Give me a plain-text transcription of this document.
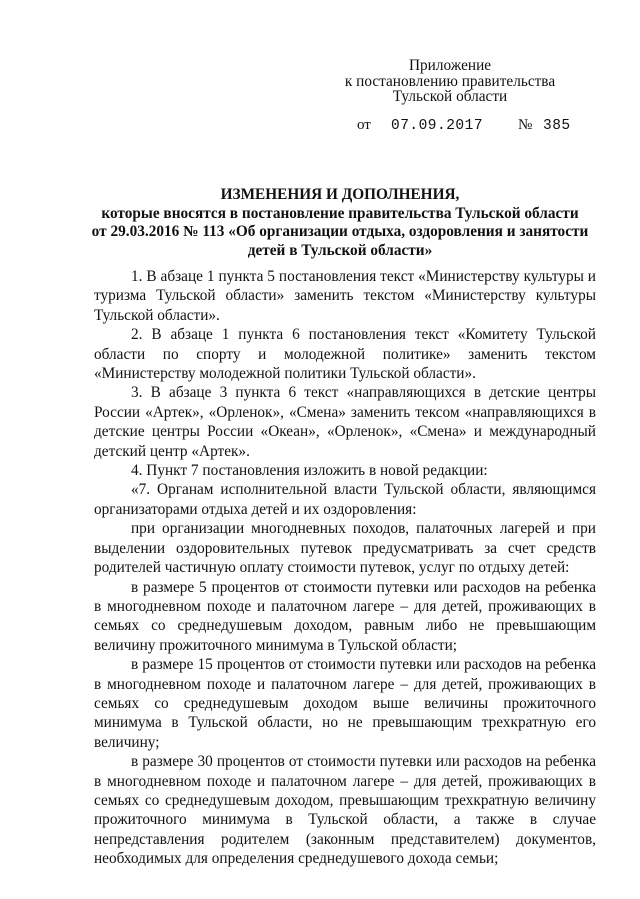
Приложение
к постановлению правительства
Тульской области
от 07.09.2017 № 385
ИЗМЕНЕНИЯ И ДОПОЛНЕНИЯ,
которые вносятся в постановление правительства Тульской области
от 29.03.2016 № 113 «Об организации отдыха, оздоровления и занятости
детей в Тульской области»

1. В абзаце 1 пункта 5 постановления текст «Министерству культуры и туризма Тульской области» заменить текстом «Министерству культуры Тульской области».

2. В абзаце 1 пункта 6 постановления текст «Комитету Тульской области по спорту и молодежной политике» заменить текстом «Министерству молодежной политики Тульской области».

3. В абзаце 3 пункта 6 текст «направляющихся в детские центры России «Артек», «Орленок», «Смена» заменить тексом «направляющихся в детские центры России «Океан», «Орленок», «Смена» и международный детский центр «Артек».

4. Пункт 7 постановления изложить в новой редакции:

«7. Органам исполнительной власти Тульской области, являющимся организаторами отдыха детей и их оздоровления:

при организации многодневных походов, палаточных лагерей и при выделении оздоровительных путевок предусматривать за счет средств родителей частичную оплату стоимости путевок, услуг по отдыху детей:

в размере 5 процентов от стоимости путевки или расходов на ребенка в многодневном походе и палаточном лагере – для детей, проживающих в семьях со среднедушевым доходом, равным либо не превышающим величину прожиточного минимума в Тульской области;

в размере 15 процентов от стоимости путевки или расходов на ребенка в многодневном походе и палаточном лагере – для детей, проживающих в семьях со среднедушевым доходом выше величины прожиточного минимума в Тульской области, но не превышающим трехкратную его величину;

в размере 30 процентов от стоимости путевки или расходов на ребенка в многодневном походе и палаточном лагере – для детей, проживающих в семьях со среднедушевым доходом, превышающим трехкратную величину прожиточного минимума в Тульской области, а также в случае непредставления родителем (законным представителем) документов, необходимых для определения среднедушевого дохода семьи;
